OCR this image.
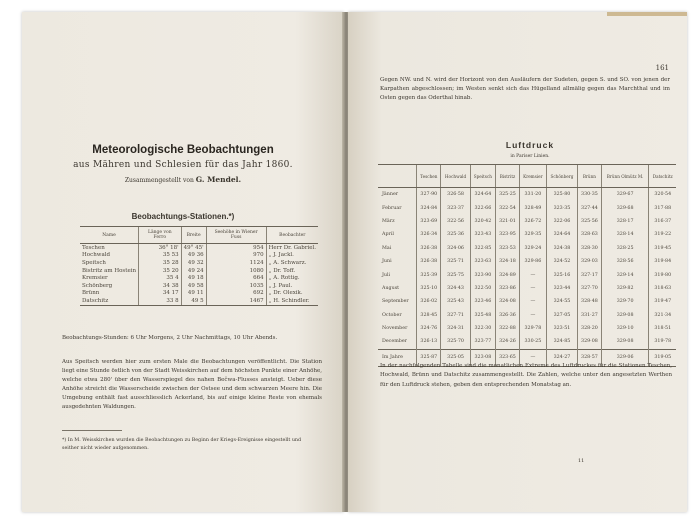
Meteorologische Beobachtungen
aus Mähren und Schlesien für das Jahr 1860.
Zusammengestellt von G. Mendel.
Beobachtungs-Stationen.*)
Name	Länge von Ferro	Breite	Seehöhe in Wiener Fuss	Beobachter
Teschen	36° 18'	49° 45'	954	Herr Dr. Gabriel.
Hochwald	35 53	49 36	970	„ J. Jackl.
Speitsch	35 28	49 32	1124	„ A. Schwarz.
Bistritz am Hostein	35 20	49 24	1080	„ Dr. Toff.
Kremsier	35 4	49 18	664	„ A. Rottig.
Schönberg	34 38	49 58	1035	„ J. Paul.
Brünn	34 17	49 11	692	„ Dr. Olexik.
Datschitz	33 8	49 5	1467	„ H. Schindler.
Beobachtungs-Stunden: 6 Uhr Morgens, 2 Uhr Nachmittags, 10 Uhr Abends.
Aus Speitsch werden hier zum ersten Male die Beobachtungen veröffentlicht. Die Station liegt eine Stunde östlich von der Stadt Weisskirchen auf dem höchsten Punkte einer Anhöhe, welche etwa 280' über den Wasserspiegel des nahen Bečwa-Flusses ansteigt. Ueber diese Anhöhe streicht die Wasserscheide zwischen der Ostsee und dem schwarzen Meere hin. Die Umgebung enthält fast ausschliesslich Ackerland, bis auf einige kleine Reste von ehemals ausgedehnten Waldungen.
*) In M. Weisskirchen wurden die Beobachtungen zu Beginn der Kriegs-Ereignisse eingestellt und seither nicht wieder aufgenommen.
161
Gegen NW. und N. wird der Horizont von den Ausläufern der Sudeten, gegen S. und SO. von jenen der Karpathen abgeschlossen; im Westen senkt sich das Hügelland allmälig gegen das Marchthal und im Osten gegen das Oderthal hinab.
Luftdruck
in Pariser Linien.
	Teschen	Hochwald	Speitsch	Bistritz	Kremsier	Schönberg	Brünn	Brünn Olmütz M.	Datschitz
Jänner	327·90	326·58	324·64	325·25	331·20	325·80	330·35	329·67	320·54
Februar	324·84	323·37	322·66	322·54	328·49	323·35	327·44	329·68	317·88
März	323·69	322·56	320·42	321·01	326·72	322·06	325·56	328·17	316·37
April	326·34	325·36	323·43	323·95	329·35	324·64	328·63	328·14	319·22
Mai	326·38	324·06	322·85	323·53	329·24	324·38	328·30	328·25	319·45
Juni	326·38	325·71	323·63	324·18	329·86	324·52	329·03	328·56	319·84
Juli	325·39	325·75	323·90	324·89	—	325·16	327·17	329·14	319·80
August	325·10	324·43	322·50	323·86	—	323·44	327·70	329·82	318·63
September	326·02	325·43	323·46	324·08	—	324·55	328·48	329·70	319·47
October	328·45	327·71	325·48	326·36	—	327·05	331·27	329·08	321·34
November	324·76	324·31	322·30	322·88	329·78	323·51	328·20	329·10	318·51
December	326·13	325·70	323·77	324·26	330·25	324·85	329·08	329·08	319·78
Im Jahre	325·87	325·05	323·08	323·65	—	324·27	328·57	329·06	319·05
In der nachfolgenden Tabelle sind die monatlichen Extreme des Luftdruckes für die Stationen Teschen, Hochwald, Brünn und Datschitz zusammengestellt. Die Zahlen, welche unter den angesetzten Werthen für den Luftdruck stehen, geben den entsprechenden Monatstag an.
11
